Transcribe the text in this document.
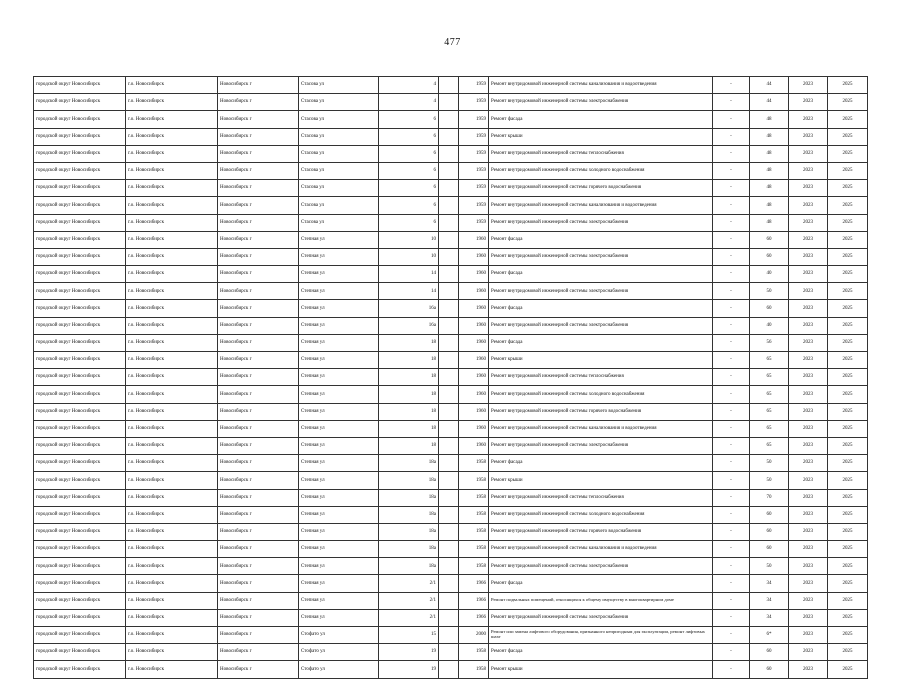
477
городской округ Новосибирск	г.о. Новосибирск	Новосибирск г	Стасова ул	4		1959	Ремонт внутридомовой инженерной системы канализования и водоотведения	-	44	2023	2025
городской округ Новосибирск	г.о. Новосибирск	Новосибирск г	Стасова ул	4		1959	Ремонт внутридомовой инженерной системы электроснабжения	-	44	2023	2025
городской округ Новосибирск	г.о. Новосибирск	Новосибирск г	Стасова ул	6		1959	Ремонт фасада	-	48	2023	2025
городской округ Новосибирск	г.о. Новосибирск	Новосибирск г	Стасова ул	6		1959	Ремонт крыши	-	48	2023	2025
городской округ Новосибирск	г.о. Новосибирск	Новосибирск г	Стасова ул	6		1959	Ремонт внутридомовой инженерной системы теплоснабжения	-	48	2023	2025
городской округ Новосибирск	г.о. Новосибирск	Новосибирск г	Стасова ул	6		1959	Ремонт внутридомовой инженерной системы холодного водоснабжения	-	48	2023	2025
городской округ Новосибирск	г.о. Новосибирск	Новосибирск г	Стасова ул	6		1959	Ремонт внутридомовой инженерной системы горячего водоснабжения	-	48	2023	2025
городской округ Новосибирск	г.о. Новосибирск	Новосибирск г	Стасова ул	6		1959	Ремонт внутридомовой инженерной системы канализования и водоотведения	-	48	2023	2025
городской округ Новосибирск	г.о. Новосибирск	Новосибирск г	Стасова ул	6		1959	Ремонт внутридомовой инженерной системы электроснабжения	-	48	2023	2025
городской округ Новосибирск	г.о. Новосибирск	Новосибирск г	Степная ул	10		1960	Ремонт фасада	-	60	2023	2025
городской округ Новосибирск	г.о. Новосибирск	Новосибирск г	Степная ул	10		1960	Ремонт внутридомовой инженерной системы электроснабжения	-	60	2023	2025
городской округ Новосибирск	г.о. Новосибирск	Новосибирск г	Степная ул	14		1960	Ремонт фасада	-	40	2023	2025
городской округ Новосибирск	г.о. Новосибирск	Новосибирск г	Степная ул	14		1960	Ремонт внутридомовой инженерной системы электроснабжения	-	50	2023	2025
городской округ Новосибирск	г.о. Новосибирск	Новосибирск г	Степная ул	16а		1960	Ремонт фасада	-	60	2023	2025
городской округ Новосибирск	г.о. Новосибирск	Новосибирск г	Степная ул	16а		1960	Ремонт внутридомовой инженерной системы электроснабжения	-	40	2023	2025
городской округ Новосибирск	г.о. Новосибирск	Новосибирск г	Степная ул	18		1960	Ремонт фасада	-	56	2023	2025
городской округ Новосибирск	г.о. Новосибирск	Новосибирск г	Степная ул	18		1960	Ремонт крыши	-	65	2023	2025
городской округ Новосибирск	г.о. Новосибирск	Новосибирск г	Степная ул	18		1960	Ремонт внутридомовой инженерной системы теплоснабжения	-	65	2023	2025
городской округ Новосибирск	г.о. Новосибирск	Новосибирск г	Степная ул	18		1960	Ремонт внутридомовой инженерной системы холодного водоснабжения	-	65	2023	2025
городской округ Новосибирск	г.о. Новосибирск	Новосибирск г	Степная ул	18		1960	Ремонт внутридомовой инженерной системы горячего водоснабжения	-	65	2023	2025
городской округ Новосибирск	г.о. Новосибирск	Новосибирск г	Степная ул	18		1960	Ремонт внутридомовой инженерной системы канализования и водоотведения	-	65	2023	2025
городской округ Новосибирск	г.о. Новосибирск	Новосибирск г	Степная ул	18		1960	Ремонт внутридомовой инженерной системы электроснабжения	-	65	2023	2025
городской округ Новосибирск	г.о. Новосибирск	Новосибирск г	Степная ул	18а		1958	Ремонт фасада	-	50	2023	2025
городской округ Новосибирск	г.о. Новосибирск	Новосибирск г	Степная ул	18а		1958	Ремонт крыши	-	50	2023	2025
городской округ Новосибирск	г.о. Новосибирск	Новосибирск г	Степная ул	18а		1958	Ремонт внутридомовой инженерной системы теплоснабжения	-	70	2023	2025
городской округ Новосибирск	г.о. Новосибирск	Новосибирск г	Степная ул	18а		1958	Ремонт внутридомовой инженерной системы холодного водоснабжения	-	60	2023	2025
городской округ Новосибирск	г.о. Новосибирск	Новосибирск г	Степная ул	18а		1958	Ремонт внутридомовой инженерной системы горячего водоснабжения	-	60	2023	2025
городской округ Новосибирск	г.о. Новосибирск	Новосибирск г	Степная ул	18а		1958	Ремонт внутридомовой инженерной системы канализования и водоотведения	-	60	2023	2025
городской округ Новосибирск	г.о. Новосибирск	Новосибирск г	Степная ул	18а		1958	Ремонт внутридомовой инженерной системы электроснабжения	-	50	2023	2025
городской округ Новосибирск	г.о. Новосибирск	Новосибирск г	Степная ул	2/1		1966	Ремонт фасада	-	34	2023	2025
городской округ Новосибирск	г.о. Новосибирск	Новосибирск г	Степная ул	2/1		1966	Ремонт подвальных помещений, относящихся к общему имуществу в многоквартирном доме	-	34	2023	2025
городской округ Новосибирск	г.о. Новосибирск	Новосибирск г	Степная ул	2/1		1966	Ремонт внутридомовой инженерной системы электроснабжения	-	34	2023	2025
городской округ Новосибирск	г.о. Новосибирск	Новосибирск г	Стофато ул	15		2000	Ремонт или замена лифтового оборудования, признанного непригодным для эксплуатации, ремонт лифтовых шахт	-	6*	2023	2025
городской округ Новосибирск	г.о. Новосибирск	Новосибирск г	Стофато ул	19		1958	Ремонт фасада	-	60	2023	2025
городской округ Новосибирск	г.о. Новосибирск	Новосибирск г	Стофато ул	19		1958	Ремонт крыши	-	60	2023	2025
